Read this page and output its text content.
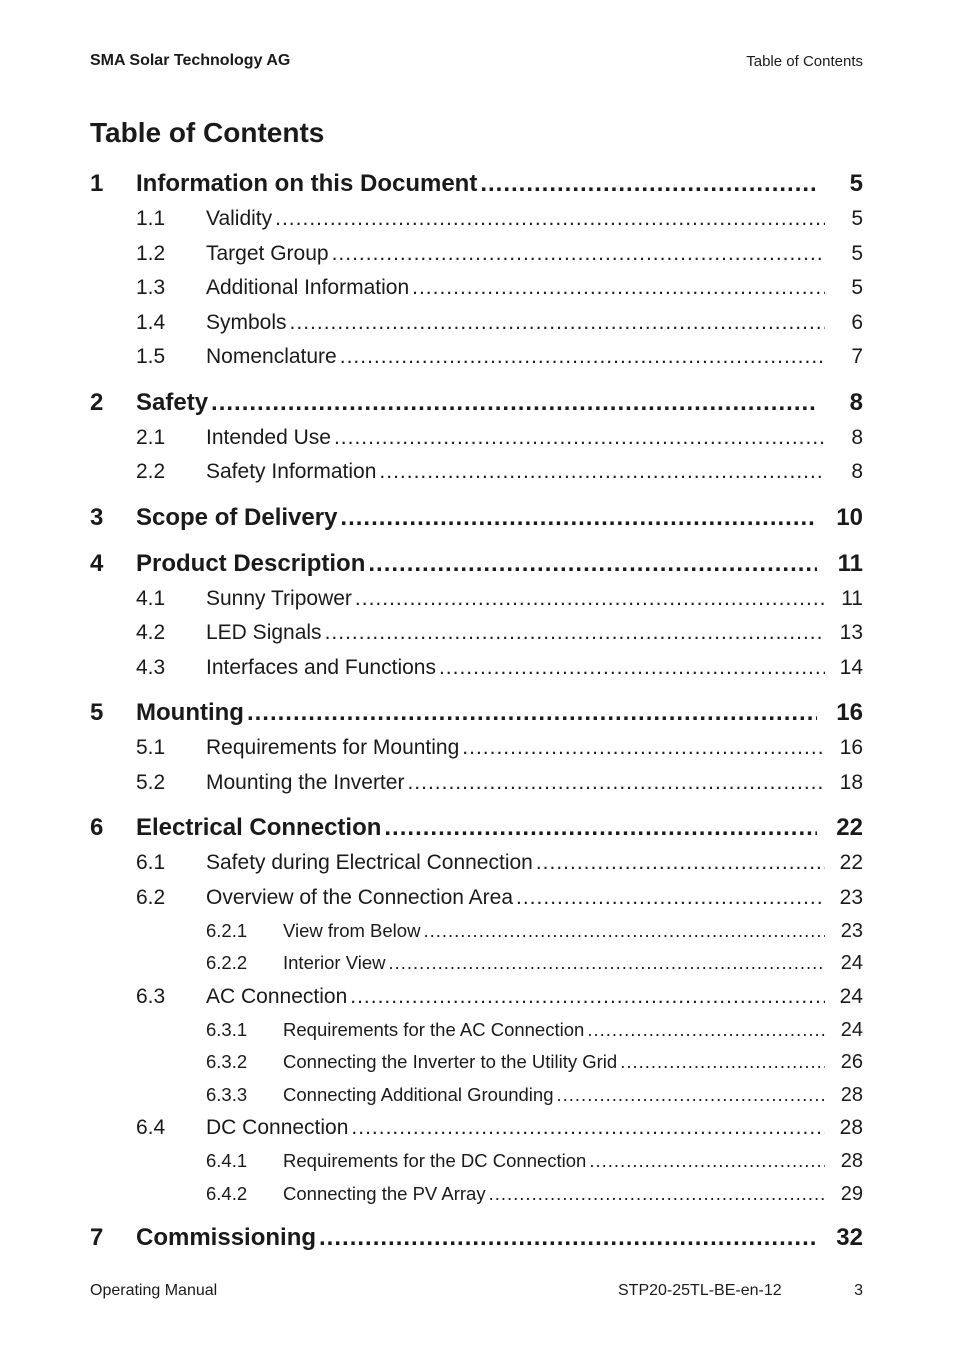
SMA Solar Technology AG	Table of Contents
Table of Contents
1	Information on this Document .....	5
1.1	Validity .....	5
1.2	Target Group .....	5
1.3	Additional Information .....	5
1.4	Symbols .....	6
1.5	Nomenclature .....	7
2	Safety .....	8
2.1	Intended Use .....	8
2.2	Safety Information .....	8
3	Scope of Delivery .....	10
4	Product Description .....	11
4.1	Sunny Tripower .....	11
4.2	LED Signals .....	13
4.3	Interfaces and Functions .....	14
5	Mounting .....	16
5.1	Requirements for Mounting .....	16
5.2	Mounting the Inverter .....	18
6	Electrical Connection .....	22
6.1	Safety during Electrical Connection .....	22
6.2	Overview of the Connection Area .....	23
6.2.1	View from Below .....	23
6.2.2	Interior View .....	24
6.3	AC Connection .....	24
6.3.1	Requirements for the AC Connection .....	24
6.3.2	Connecting the Inverter to the Utility Grid .....	26
6.3.3	Connecting Additional Grounding .....	28
6.4	DC Connection .....	28
6.4.1	Requirements for the DC Connection .....	28
6.4.2	Connecting the PV Array .....	29
7	Commissioning .....	32
Operating Manual	STP20-25TL-BE-en-12	3
